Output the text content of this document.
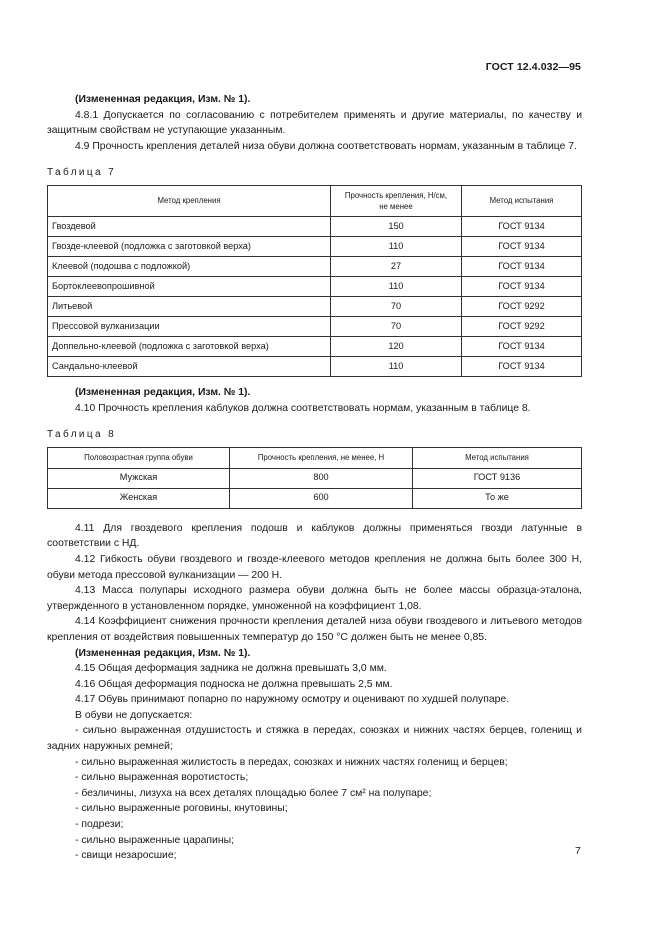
ГОСТ 12.4.032—95

(Измененная редакция, Изм. № 1).

4.8.1 Допускается по согласованию с потребителем применять и другие материалы, по качеству и защитным свойствам не уступающие указанным.

4.9 Прочность крепления деталей низа обуви должна соответствовать нормам, указанным в таблице 7.

Таблица 7

Метод крепления	Прочность крепления, Н/см, не менее	Метод испытания
Гвоздевой	150	ГОСТ 9134
Гвозде-клеевой (подложка с заготовкой верха)	110	ГОСТ 9134
Клеевой (подошва с подложкой)	27	ГОСТ 9134
Бортоклеевопрошивной	110	ГОСТ 9134
Литьевой	70	ГОСТ 9292
Прессовой вулканизации	70	ГОСТ 9292
Доппельно-клеевой (подложка с заготовкой верха)	120	ГОСТ 9134
Сандально-клеевой	110	ГОСТ 9134

(Измененная редакция, Изм. № 1).

4.10 Прочность крепления каблуков должна соответствовать нормам, указанным в таблице 8.

Таблица 8

Половозрастная группа обуви	Прочность крепления, не менее, Н	Метод испытания
Мужская	800	ГОСТ 9136
Женская	600	То же

4.11 Для гвоздевого крепления подошв и каблуков должны применяться гвозди латунные в соответствии с НД.

4.12 Гибкость обуви гвоздевого и гвозде-клеевого методов крепления не должна быть более 300 Н, обуви метода прессовой вулканизации — 200 Н.

4.13 Масса полупары исходного размера обуви должна быть не более массы образца-эталона, утвержденного в установленном порядке, умноженной на коэффициент 1,08.

4.14 Коэффициент снижения прочности крепления деталей низа обуви гвоздевого и литьевого методов крепления от воздействия повышенных температур до 150 °С должен быть не менее 0,85.

(Измененная редакция, Изм. № 1).

4.15 Общая деформация задника не должна превышать 3,0 мм.

4.16 Общая деформация подноска не должна превышать 2,5 мм.

4.17 Обувь принимают попарно по наружному осмотру и оценивают по худшей полупаре.

В обуви не допускается:

- сильно выраженная отдушистость и стяжка в передах, союзках и нижних частях берцев, голенищ и задних наружных ремней;

- сильно выраженная жилистость в передах, союзках и нижних частях голенищ и берцев;

- сильно выраженная воротистость;

- безличины, лизуха на всех деталях площадью более 7 см² на полупаре;

- сильно выраженные роговины, кнутовины;

- подрези;

- сильно выраженные царапины;

- свищи незаросшие;	7
